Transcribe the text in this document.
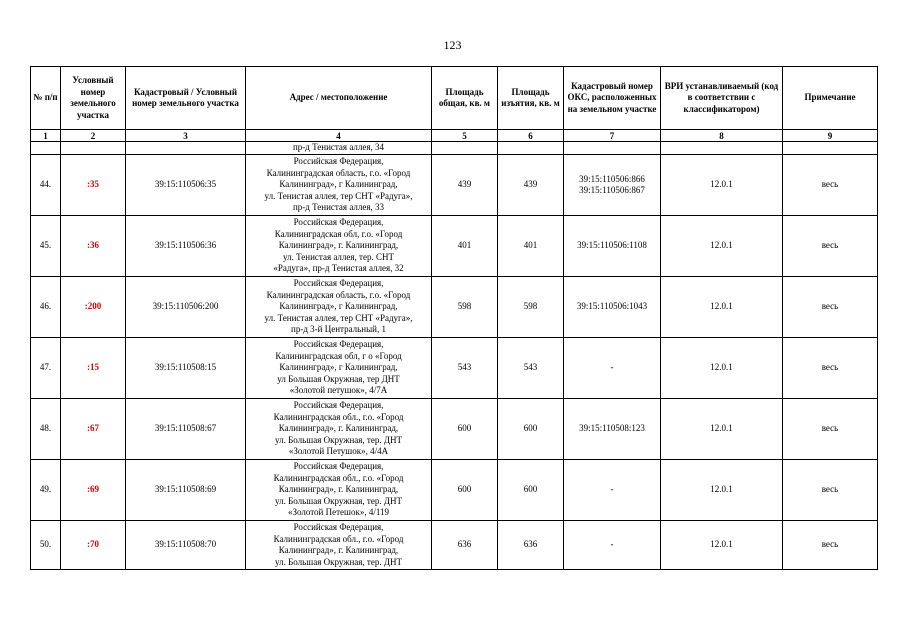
123
№ п/п	Условный номер земельного участка	Кадастровый / Условный номер земельного участка	Адрес / местоположение	Площадь общая, кв. м	Площадь изъятия, кв. м	Кадастровый номер ОКС, расположенных на земельном участке	ВРИ устанавливаемый (код в соответствии с классификатором)	Примечание
1	2	3	4	5	6	7	8	9
			пр-д Тенистая аллея, 34					
44.	:35	39:15:110506:35	Российская Федерация,
Калининградская область, г.о. «Город
Калининград», г Калининград,
ул. Тенистая аллея, тер СНТ «Радуга»,
пр-д Тенистая аллея, 33	439	439	39:15:110506:866
39:15:110506:867	12.0.1	весь
45.	:36	39:15:110506:36	Российская Федерация,
Калининградская обл, г.о. «Город
Калининград», г. Калининград,
ул. Тенистая аллея, тер. СНТ
«Радуга», пр-д Тенистая аллея, 32	401	401	39:15:110506:1108	12.0.1	весь
46.	:200	39:15:110506:200	Российская Федерация,
Калининградская область, г.о. «Город
Калининград», г Калининград,
ул. Тенистая аллея, тер СНТ «Радуга»,
пр-д 3-й Центральный, 1	598	598	39:15:110506:1043	12.0.1	весь
47.	:15	39:15:110508:15	Российская Федерация,
Калининградская обл, г о «Город
Калининград», г Калининград,
ул Большая Окружная, тер ДНТ
«Золотой петушок», 4/7А	543	543	-	12.0.1	весь
48.	:67	39:15:110508:67	Российская Федерация,
Калининградская обл., г.о. «Город
Калининград», г. Калининград,
ул. Большая Окружная, тер. ДНТ
«Золотой Петушок», 4/4А	600	600	39:15:110508:123	12.0.1	весь
49.	:69	39:15:110508:69	Российская Федерация,
Калининградская обл., г.о. «Город
Калининград», г. Калининград,
ул. Большая Окружная, тер. ДНТ
«Золотой Петешок», 4/119	600	600	-	12.0.1	весь
50.	:70	39:15:110508:70	Российская Федерация,
Калининградская обл., г.о. «Город
Калининград», г. Калининград,
ул. Большая Окружная, тер. ДНТ	636	636	-	12.0.1	весь
